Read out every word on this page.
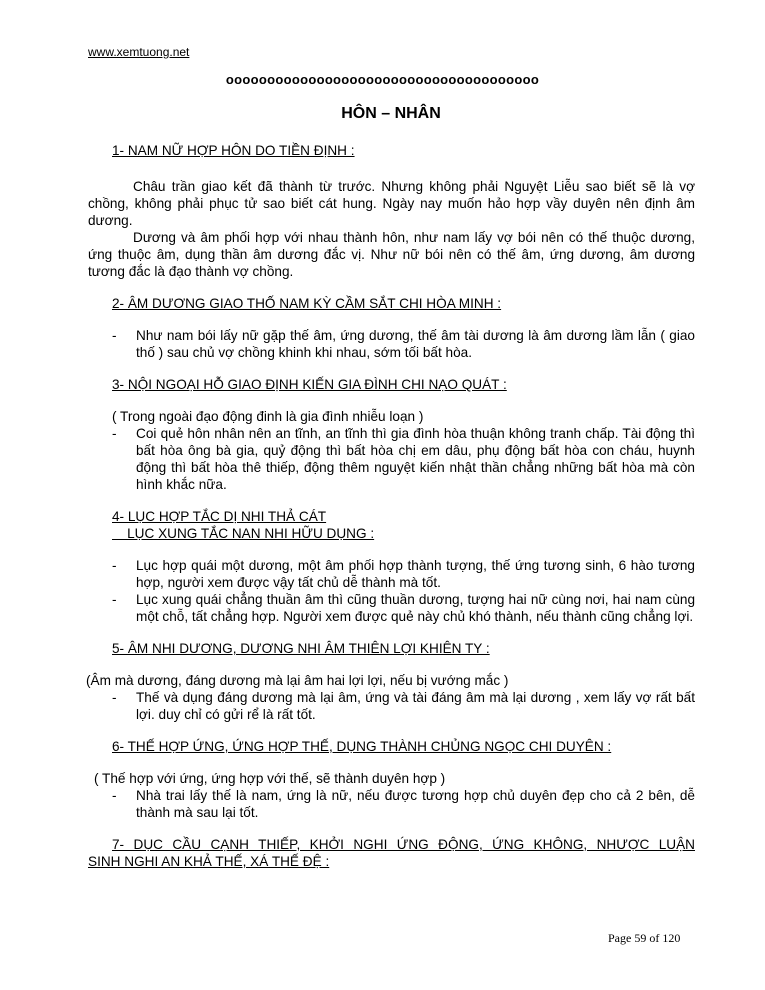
www.xemtuong.net
oooooooooooooooooooooooooooooooooooooo
HÔN – NHÂN
1- NAM NỮ HỢP HÔN DO TIỀN ĐỊNH :

Châu trần giao kết đã thành từ trước. Nhưng không phải Nguyệt Liễu sao biết sẽ là vợ chồng, không phải phục tử sao biết cát hung. Ngày nay muốn hảo hợp vầy duyên nên định âm dương.

Dương và âm phối hợp với nhau thành hôn, như nam lấy vợ bói nên có thế thuộc dương, ứng thuộc âm, dụng thần âm dương đắc vị. Như nữ bói nên có thế âm, ứng dương, âm dương tương đắc là đạo thành vợ chồng.

2- ÂM DƯƠNG GIAO THỐ NAM KỲ CẦM SẮT CHI HÒA MINH :
-	Như nam bói lấy nữ gặp thế âm, ứng dương, thế âm tài dương là âm dương lầm lẫn ( giao thố ) sau chủ vợ chồng khinh khi nhau, sớm tối bất hòa.
3- NỘI NGOẠI HỖ GIAO ĐỊNH KIẾN GIA ĐÌNH CHI NẠO QUÁT :
( Trong ngoài đạo động đinh là gia đình nhiễu loạn )
-	Coi quẻ hôn nhân nên an tĩnh, an tĩnh thì gia đình hòa thuận không tranh chấp. Tài động thì bất hòa ông bà gia, quỷ động thì bất hòa chị em dâu, phụ động bất hòa con cháu, huynh động thì bất hòa thê thiếp, động thêm nguyệt kiến nhật thần chẳng những bất hòa mà còn hình khắc nữa.
4- LỤC HỢP TẮC DỊ NHI THẢ CÁT
LỤC XUNG TẮC NAN NHI HỮU DỤNG :
-	Lục hợp quái một dương, một âm phối hợp thành tượng, thế ứng tương sinh, 6 hào tương hợp, người xem được vậy tất chủ dễ thành mà tốt.
-	Lục xung quái chẳng thuần âm thì cũng thuần dương, tượng hai nữ cùng nơi, hai nam cùng một chỗ, tất chẳng hợp. Người xem được quẻ này chủ khó thành, nếu thành cũng chẳng lợi.
5- ÂM NHI DƯƠNG, DƯƠNG NHI ÂM THIÊN LỢI KHIÊN TY :
(Âm mà dương, đáng dương mà lại âm hai lợi lợi, nếu bị vướng mắc )
-	Thế và dụng đáng dương mà lại âm, ứng và tài đáng âm mà lại dương , xem lấy vợ rất bất lợi. duy chỉ có gửi rể là rất tốt.
6- THẾ HỢP ỨNG, ỨNG HỢP THẾ, DỤNG THÀNH CHỦNG NGỌC CHI DUYÊN :
( Thế hợp với ứng, ứng hợp với thế, sẽ thành duyên hợp )
-	Nhà trai lấy thế là nam, ứng là nữ, nếu được tương hợp chủ duyên đẹp cho cả 2 bên, dễ thành mà sau lại tốt.
7- DỤC CẦU CẠNH THIẾP, KHỞI NGHI ỨNG ĐỘNG, ỨNG KHÔNG, NHƯỢC LUẬN
SINH NGHI AN KHẢ THẾ, XÁ THẾ ĐỆ :
Page 59 of 120
